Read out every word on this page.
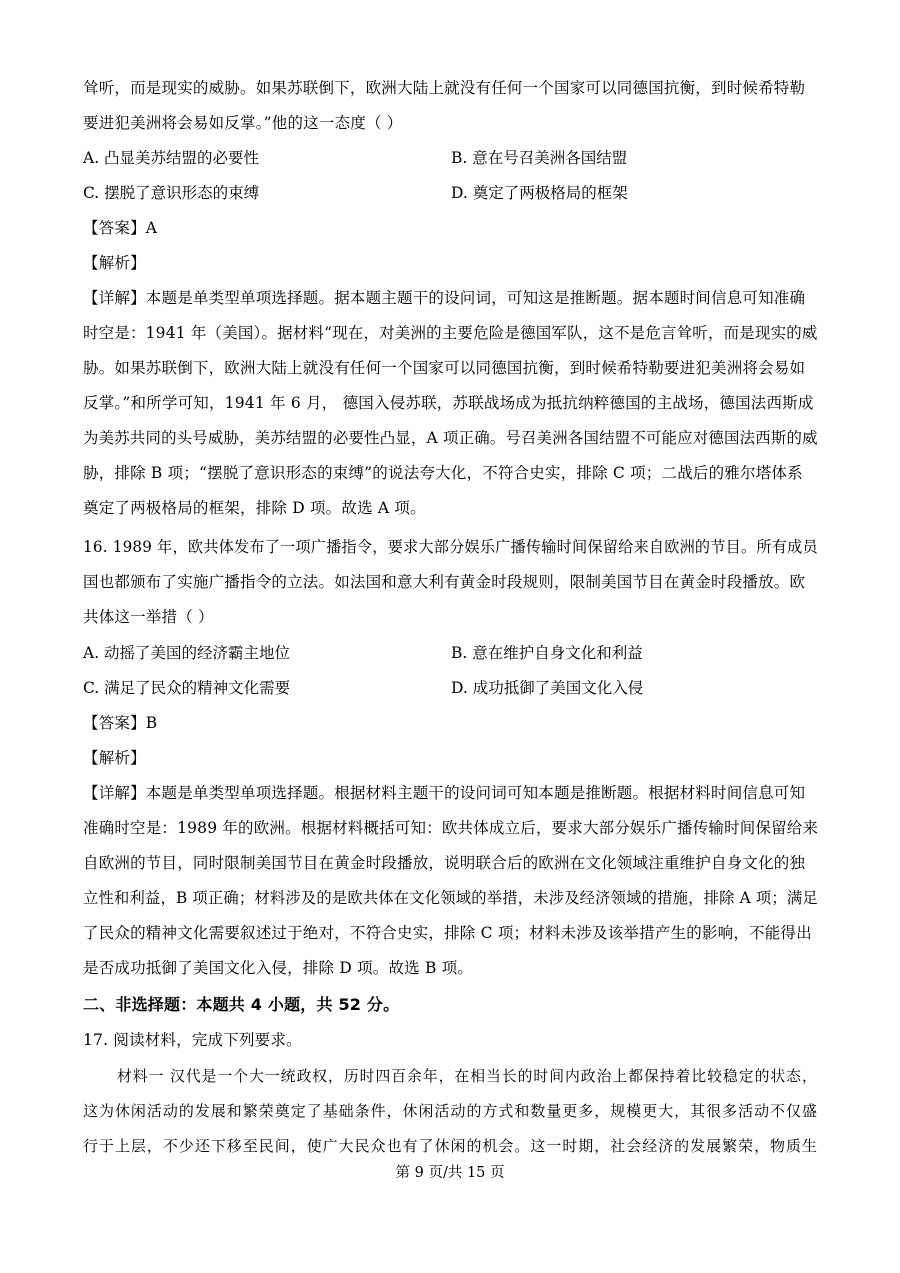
耸听，而是现实的威胁。如果苏联倒下，欧洲大陆上就没有任何一个国家可以同德国抗衡，到时候希特勒
要进犯美洲将会易如反掌。”他的这一态度（ ）
A. 凸显美苏结盟的必要性	B. 意在号召美洲各国结盟
C. 摆脱了意识形态的束缚	D. 奠定了两极格局的框架
【答案】A
【解析】
【详解】本题是单类型单项选择题。据本题主题干的设问词，可知这是推断题。据本题时间信息可知准确
时空是：1941 年（美国）。据材料“现在，对美洲的主要危险是德国军队，这不是危言耸听，而是现实的威
胁。如果苏联倒下，欧洲大陆上就没有任何一个国家可以同德国抗衡，到时候希特勒要进犯美洲将会易如
反掌。”和所学可知，1941 年 6 月， 德国入侵苏联，苏联战场成为抵抗纳粹德国的主战场，德国法西斯成
为美苏共同的头号威胁，美苏结盟的必要性凸显，A 项正确。号召美洲各国结盟不可能应对德国法西斯的威
胁，排除 B 项；“摆脱了意识形态的束缚”的说法夸大化，不符合史实，排除 C 项；二战后的雅尔塔体系
奠定了两极格局的框架，排除 D 项。故选 A 项。
16. 1989 年，欧共体发布了一项广播指令，要求大部分娱乐广播传输时间保留给来自欧洲的节目。所有成员
国也都颁布了实施广播指令的立法。如法国和意大利有黄金时段规则，限制美国节目在黄金时段播放。欧
共体这一举措（ ）
A. 动摇了美国的经济霸主地位	B. 意在维护自身文化和利益
C. 满足了民众的精神文化需要	D. 成功抵御了美国文化入侵
【答案】B
【解析】
【详解】本题是单类型单项选择题。根据材料主题干的设问词可知本题是推断题。根据材料时间信息可知
准确时空是：1989 年的欧洲。根据材料概括可知：欧共体成立后，要求大部分娱乐广播传输时间保留给来
自欧洲的节目，同时限制美国节目在黄金时段播放，说明联合后的欧洲在文化领域注重维护自身文化的独
立性和利益，B 项正确；材料涉及的是欧共体在文化领域的举措，未涉及经济领域的措施，排除 A 项；满足
了民众的精神文化需要叙述过于绝对，不符合史实，排除 C 项；材料未涉及该举措产生的影响，不能得出
是否成功抵御了美国文化入侵，排除 D 项。故选 B 项。
二、非选择题：本题共 4 小题，共 52 分。
17. 阅读材料，完成下列要求。
材料一 汉代是一个大一统政权，历时四百余年，在相当长的时间内政治上都保持着比较稳定的状态，
这为休闲活动的发展和繁荣奠定了基础条件，休闲活动的方式和数量更多，规模更大，其很多活动不仅盛
行于上层，不少还下移至民间，使广大民众也有了休闲的机会。这一时期，社会经济的发展繁荣，物质生
第 9 页/共 15 页
